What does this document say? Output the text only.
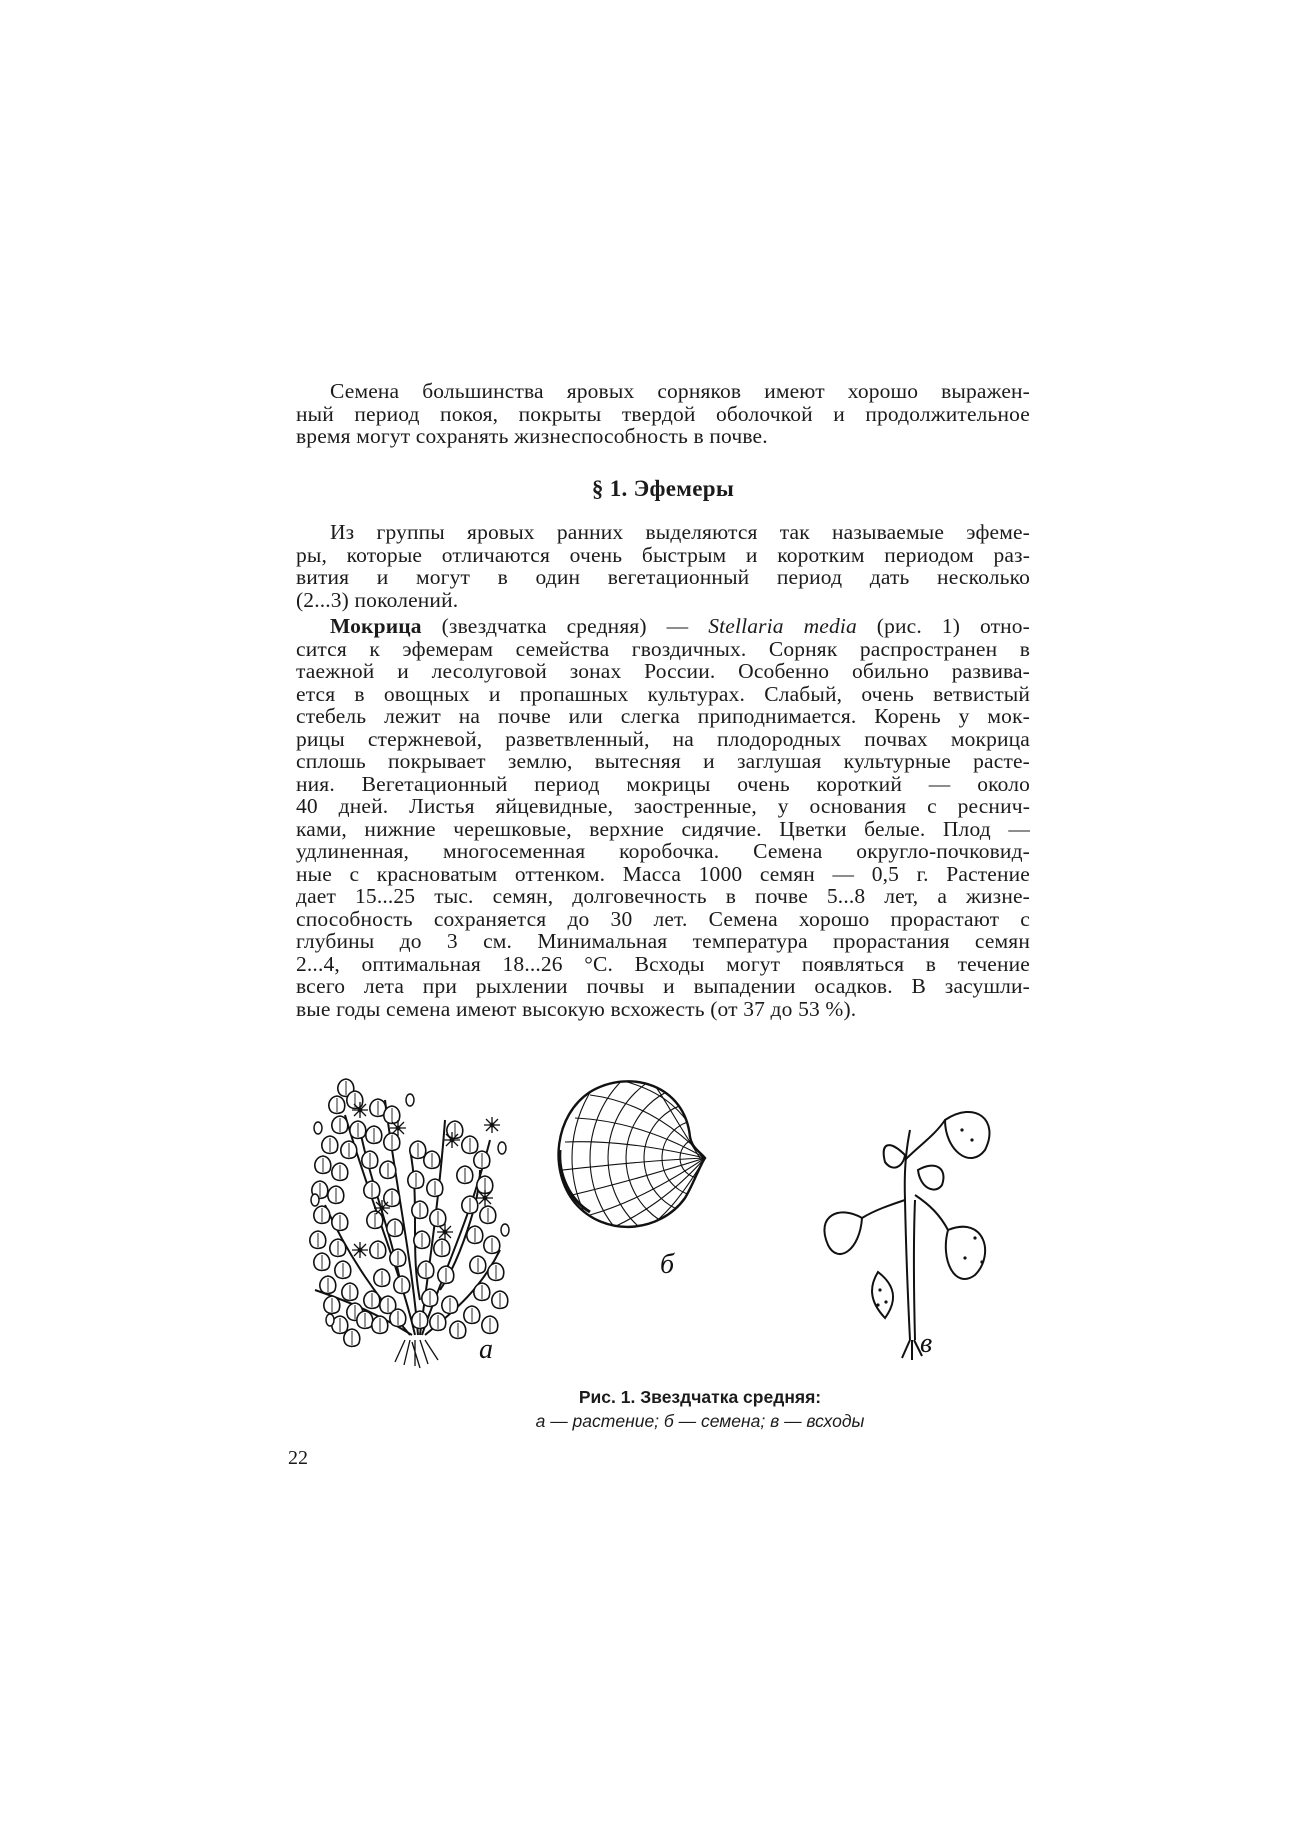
Семена большинства яровых сорняков имеют хорошо выражен-
ный период покоя, покрыты твердой оболочкой и продолжительное
время могут сохранять жизнеспособность в почве.
§ 1. Эфемеры
Из группы яровых ранних выделяются так называемые эфеме-
ры, которые отличаются очень быстрым и коротким периодом раз-
вития и могут в один вегетационный период дать несколько
(2...3) поколений.
Мокрица (звездчатка средняя) — Stellaria media (рис. 1) отно-
сится к эфемерам семейства гвоздичных. Сорняк распространен в
таежной и лесолуговой зонах России. Особенно обильно развива-
ется в овощных и пропашных культурах. Слабый, очень ветвистый
стебель лежит на почве или слегка приподнимается. Корень у мок-
рицы стержневой, разветвленный, на плодородных почвах мокрица
сплошь покрывает землю, вытесняя и заглушая культурные расте-
ния. Вегетационный период мокрицы очень короткий — около
40 дней. Листья яйцевидные, заостренные, у основания с реснич-
ками, нижние черешковые, верхние сидячие. Цветки белые. Плод —
удлиненная, многосеменная коробочка. Семена округло-почковид-
ные с красноватым оттенком. Масса 1000 семян — 0,5 г. Растение
дает 15...25 тыс. семян, долговечность в почве 5...8 лет, а жизне-
способность сохраняется до 30 лет. Семена хорошо прорастают с
глубины до 3 см. Минимальная температура прорастания семян
2...4, оптимальная 18...26 °С. Всходы могут появляться в течение
всего лета при рыхлении почвы и выпадении осадков. В засушли-
вые годы семена имеют высокую всхожесть (от 37 до 53 %).
а
б
в
Рис. 1. Звездчатка средняя:
а — растение; б — семена; в — всходы
22
